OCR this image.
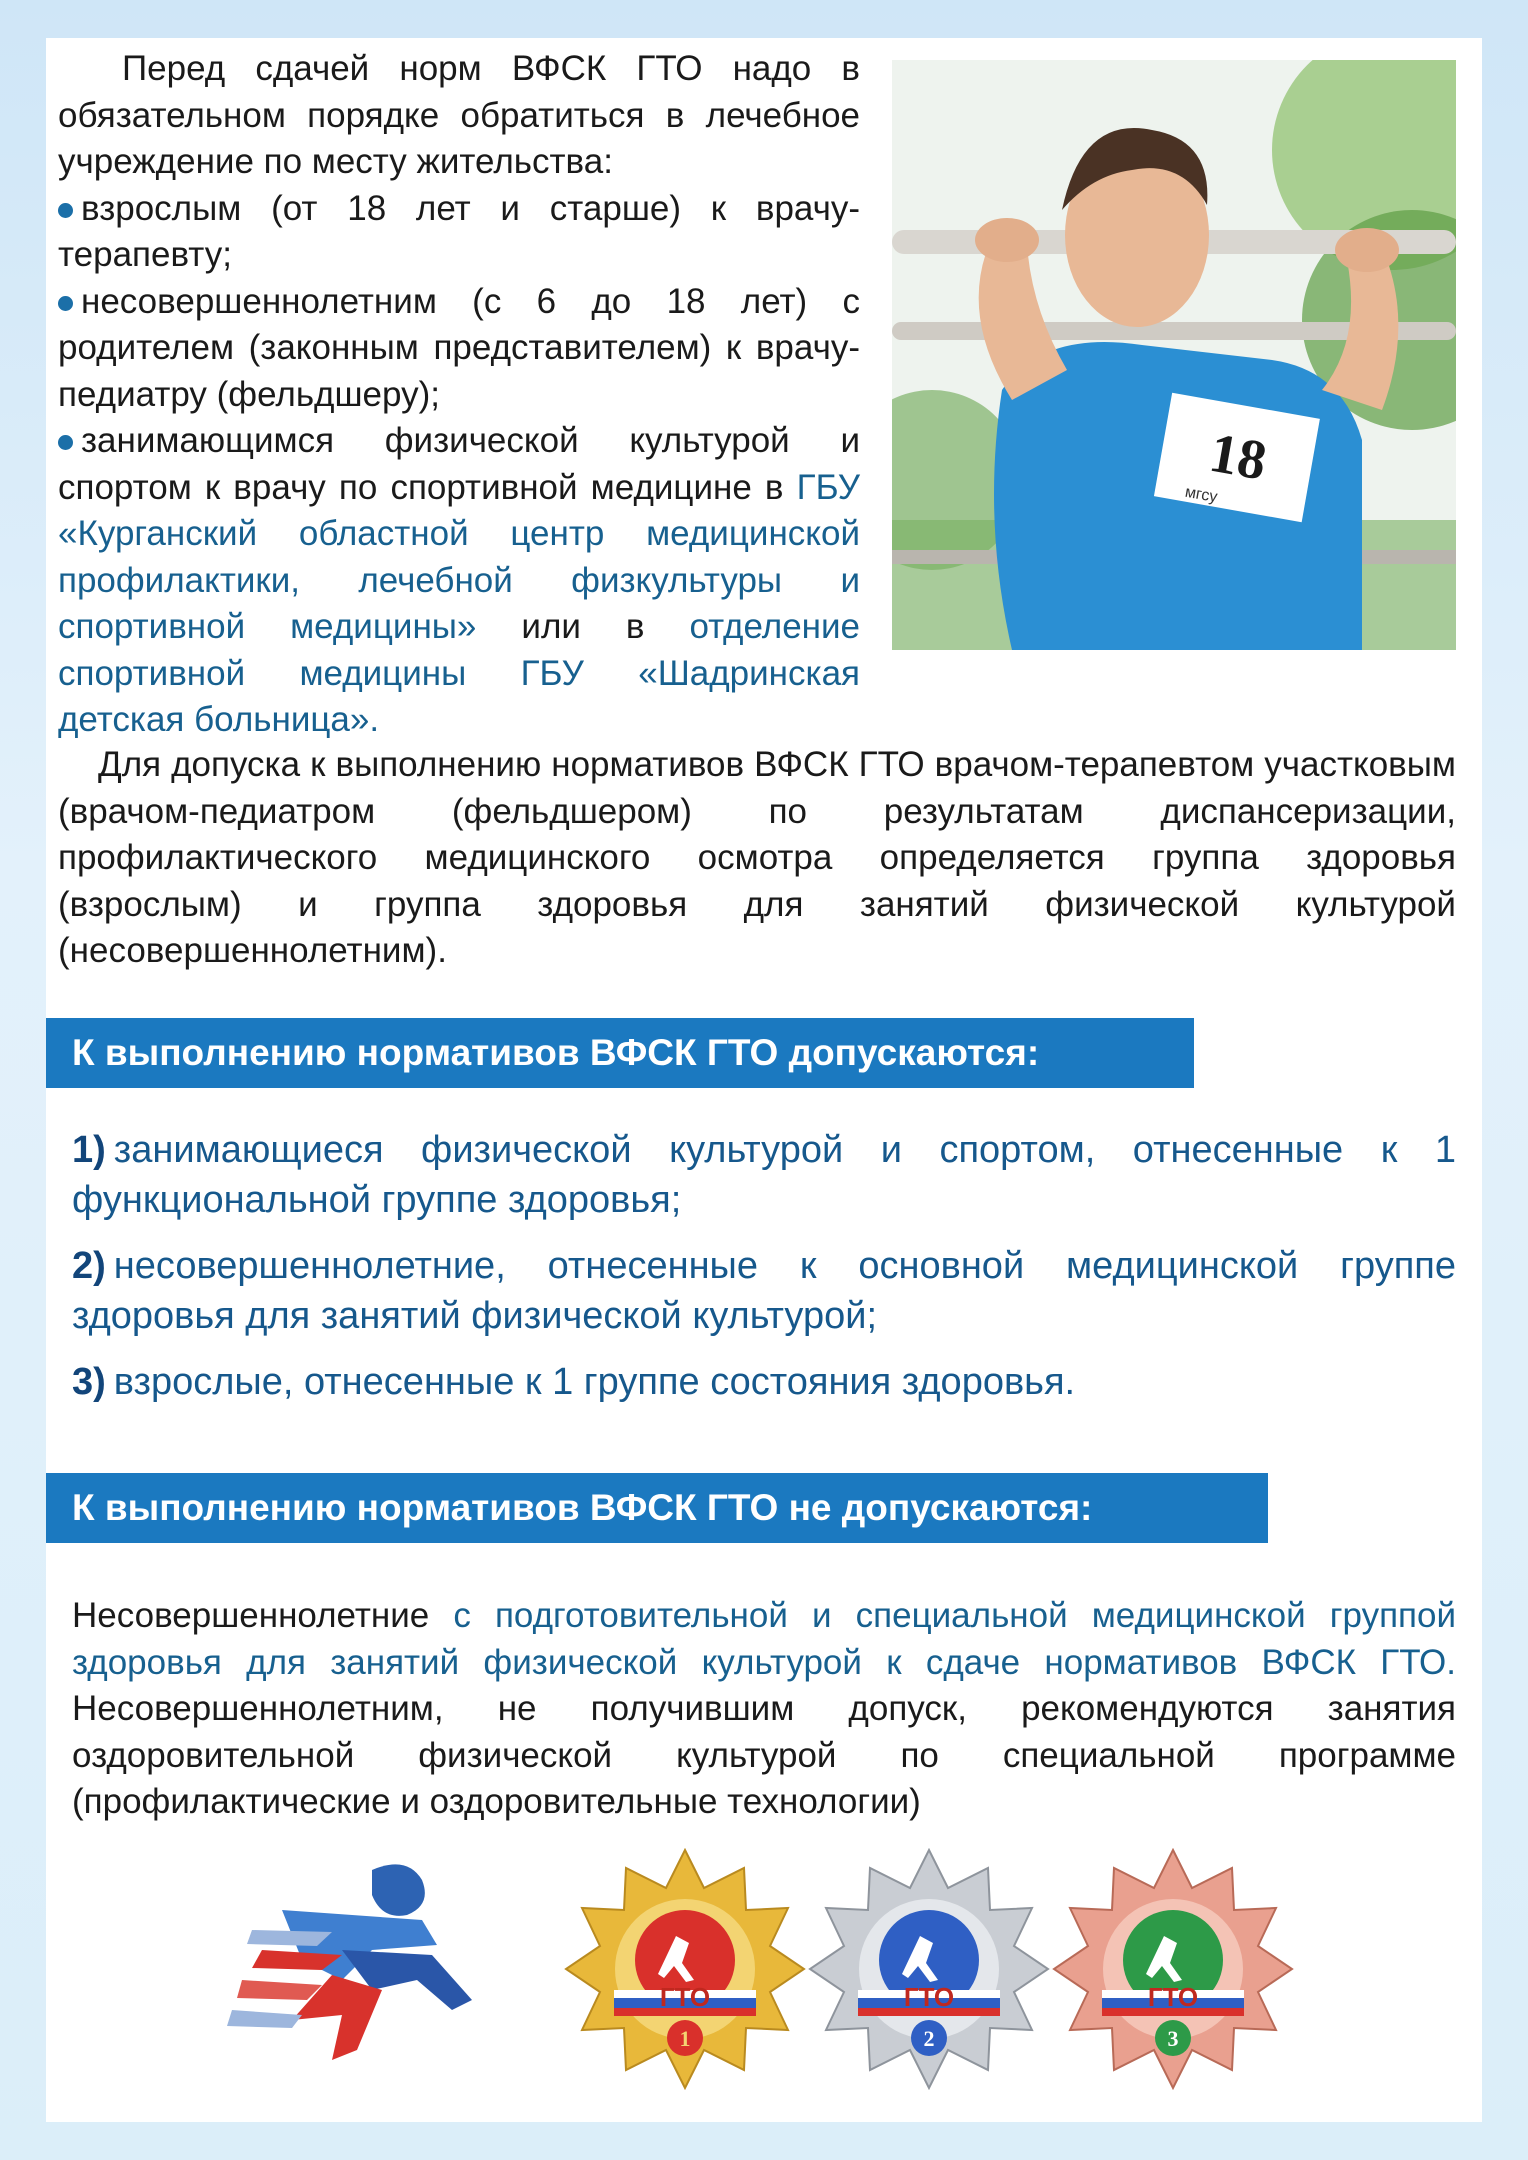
Перед сдачей норм ВФСК ГТО надо в обязательном порядке обратиться в лечебное учреждение по месту жительства:

взрослым (от 18 лет и старше) к врачу-терапевту;

несовершеннолетним (с 6 до 18 лет) с родителем (законным представителем) к врачу-педиатру (фельдшеру);

занимающимся физической культурой и спортом к врачу по спортивной медицине в ГБУ «Курганский областной центр медицинской профилактики, лечебной физкультуры и спортивной медицины» или в отделение спортивной медицины ГБУ «Шадринская детская больница».

18
мгсу

Для допуска к выполнению нормативов ВФСК ГТО врачом-терапевтом участковым (врачом-педиатром (фельдшером) по результатам диспансеризации, профилактического медицинского осмотра определяется группа здоровья (взрослым) и группа здоровья для занятий физической культурой (несовершеннолетним).

К выполнению нормативов ВФСК ГТО допускаются:
1) занимающиеся физической культурой и спортом, отнесенные к 1 функциональной группе здоровья;
2) несовершеннолетние, отнесенные к основной медицинской группе здоровья для занятий физической культурой;
3) взрослые, отнесенные к 1 группе состояния здоровья.
К выполнению нормативов ВФСК ГТО не допускаются:

Несовершеннолетние с подготовительной и специальной медицинской группой здоровья для занятий физической культурой к сдаче нормативов ВФСК ГТО. Несовершеннолетним, не получившим допуск, рекомендуются занятия оздоровительной физической культурой по специальной программе (профилактические и оздоровительные технологии)

ГТО
1
ГТО
2
ГТО
3
